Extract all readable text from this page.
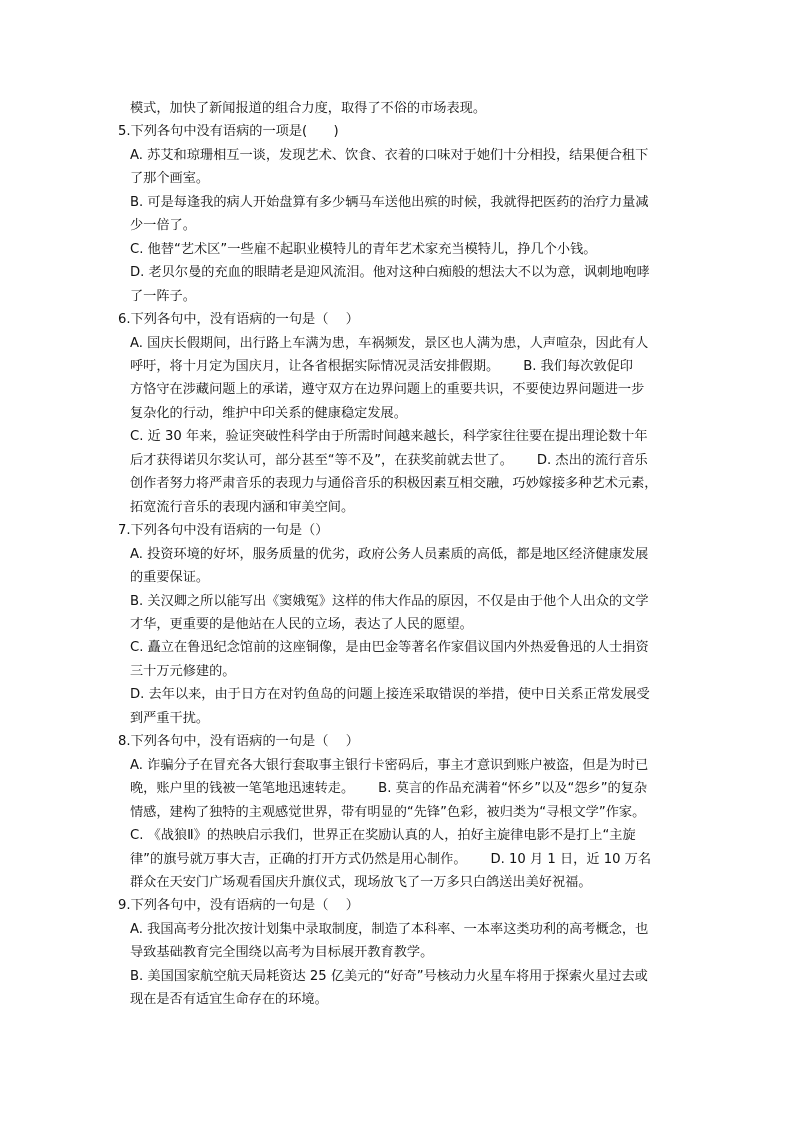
模式，加快了新闻报道的组合力度，取得了不俗的市场表现。
5.下列各句中没有语病的一项是(　　)
A. 苏艾和琼珊相互一谈，发现艺术、饮食、衣着的口味对于她们十分相投，结果便合租下
了那个画室。
B. 可是每逢我的病人开始盘算有多少辆马车送他出殡的时候，我就得把医药的治疗力量减
少一倍了。
C. 他替“艺术区”一些雇不起职业模特儿的青年艺术家充当模特儿，挣几个小钱。
D. 老贝尔曼的充血的眼睛老是迎风流泪。他对这种白痴般的想法大不以为意，讽刺地咆哮
了一阵子。
6.下列各句中，没有语病的一句是（　 ）
A. 国庆长假期间，出行路上车满为患，车祸频发，景区也人满为患，人声喧杂，因此有人
呼吁，将十月定为国庆月，让各省根据实际情况灵活安排假期。　　 B. 我们每次敦促印
方恪守在涉藏问题上的承诺，遵守双方在边界问题上的重要共识，不要使边界问题进一步
复杂化的行动，维护中印关系的健康稳定发展。
C. 近 30 年来，验证突破性科学由于所需时间越来越长，科学家往往要在提出理论数十年
后才获得诺贝尔奖认可，部分甚至“等不及”，在获奖前就去世了。　　 D. 杰出的流行音乐
创作者努力将严肃音乐的表现力与通俗音乐的积极因素互相交融，巧妙嫁接多种艺术元素，
拓宽流行音乐的表现内涵和审美空间。
7.下列各句中没有语病的一句是（）
A. 投资环境的好坏，服务质量的优劣，政府公务人员素质的高低，都是地区经济健康发展
的重要保证。
B. 关汉卿之所以能写出《窦娥冤》这样的伟大作品的原因，不仅是由于他个人出众的文学
才华，更重要的是他站在人民的立场，表达了人民的愿望。
C. 矗立在鲁迅纪念馆前的这座铜像，是由巴金等著名作家倡议国内外热爱鲁迅的人士捐资
三十万元修建的。
D. 去年以来，由于日方在对钓鱼岛的问题上接连采取错误的举措，使中日关系正常发展受
到严重干扰。
8.下列各句中，没有语病的一句是（　 ）
A. 诈骗分子在冒充各大银行套取事主银行卡密码后，事主才意识到账户被盗，但是为时已
晚，账户里的钱被一笔笔地迅速转走。　　 B. 莫言的作品充满着“怀乡”以及“怨乡”的复杂
情感，建构了独特的主观感觉世界，带有明显的“先锋”色彩，被归类为“寻根文学”作家。
C. 《战狼Ⅱ》的热映启示我们，世界正在奖励认真的人，拍好主旋律电影不是打上“主旋
律”的旗号就万事大吉，正确的打开方式仍然是用心制作。　　 D. 10 月 1 日，近 10 万名
群众在天安门广场观看国庆升旗仪式，现场放飞了一万多只白鸽送出美好祝福。
9.下列各句中，没有语病的一句是（　 ）
A. 我国高考分批次按计划集中录取制度，制造了本科率、一本率这类功利的高考概念，也
导致基础教育完全围绕以高考为目标展开教育教学。
B. 美国国家航空航天局耗资达 25 亿美元的“好奇”号核动力火星车将用于探索火星过去或
现在是否有适宜生命存在的环境。
